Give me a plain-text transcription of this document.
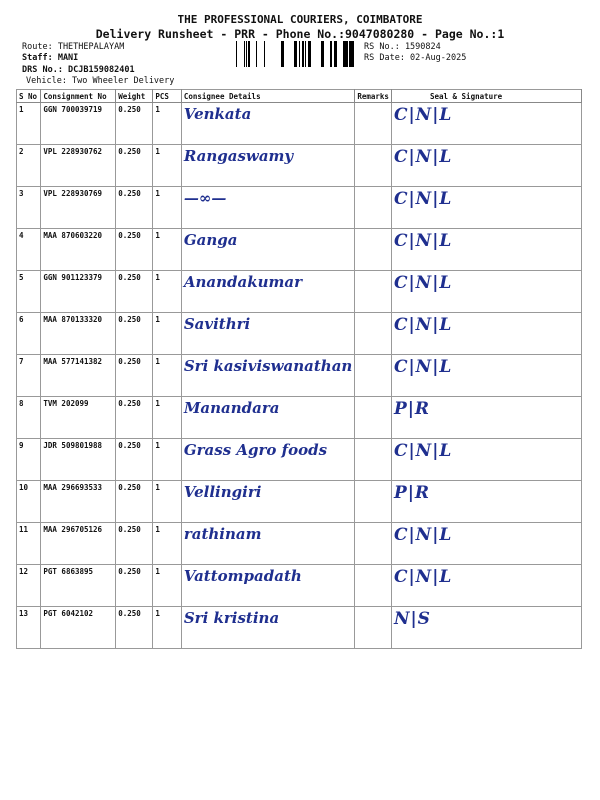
THE PROFESSIONAL COURIERS, COIMBATORE
Delivery Runsheet - PRR - Phone No.:9047080280 - Page No.:1
Route: THETHEPALAYAM
Staff: MANI
DRS No.: DCJB159082401
Vehicle: Two Wheeler Delivery
RS No.: 1590824
RS Date: 02-Aug-2025
S No	Consignment No	Weight	PCS	Consignee Details	Remarks	Seal & Signature
1	GGN 700039719	0.250	1	Venkata		C|N|L
2	VPL 228930762	0.250	1	Rangaswamy		C|N|L
3	VPL 228930769	0.250	1	—∞—		C|N|L
4	MAA 870603220	0.250	1	Ganga		C|N|L
5	GGN 901123379	0.250	1	Anandakumar		C|N|L
6	MAA 870133320	0.250	1	Savithri		C|N|L
7	MAA 577141382	0.250	1	Sri kasiviswanathan		C|N|L
8	TVM 202099	0.250	1	Manandara		P|R
9	JDR 509801988	0.250	1	Grass Agro foods		C|N|L
10	MAA 296693533	0.250	1	Vellingiri		P|R
11	MAA 296705126	0.250	1	rathinam		C|N|L
12	PGT 6863895	0.250	1	Vattompadath		C|N|L
13	PGT 6042102	0.250	1	Sri kristina		N|S
